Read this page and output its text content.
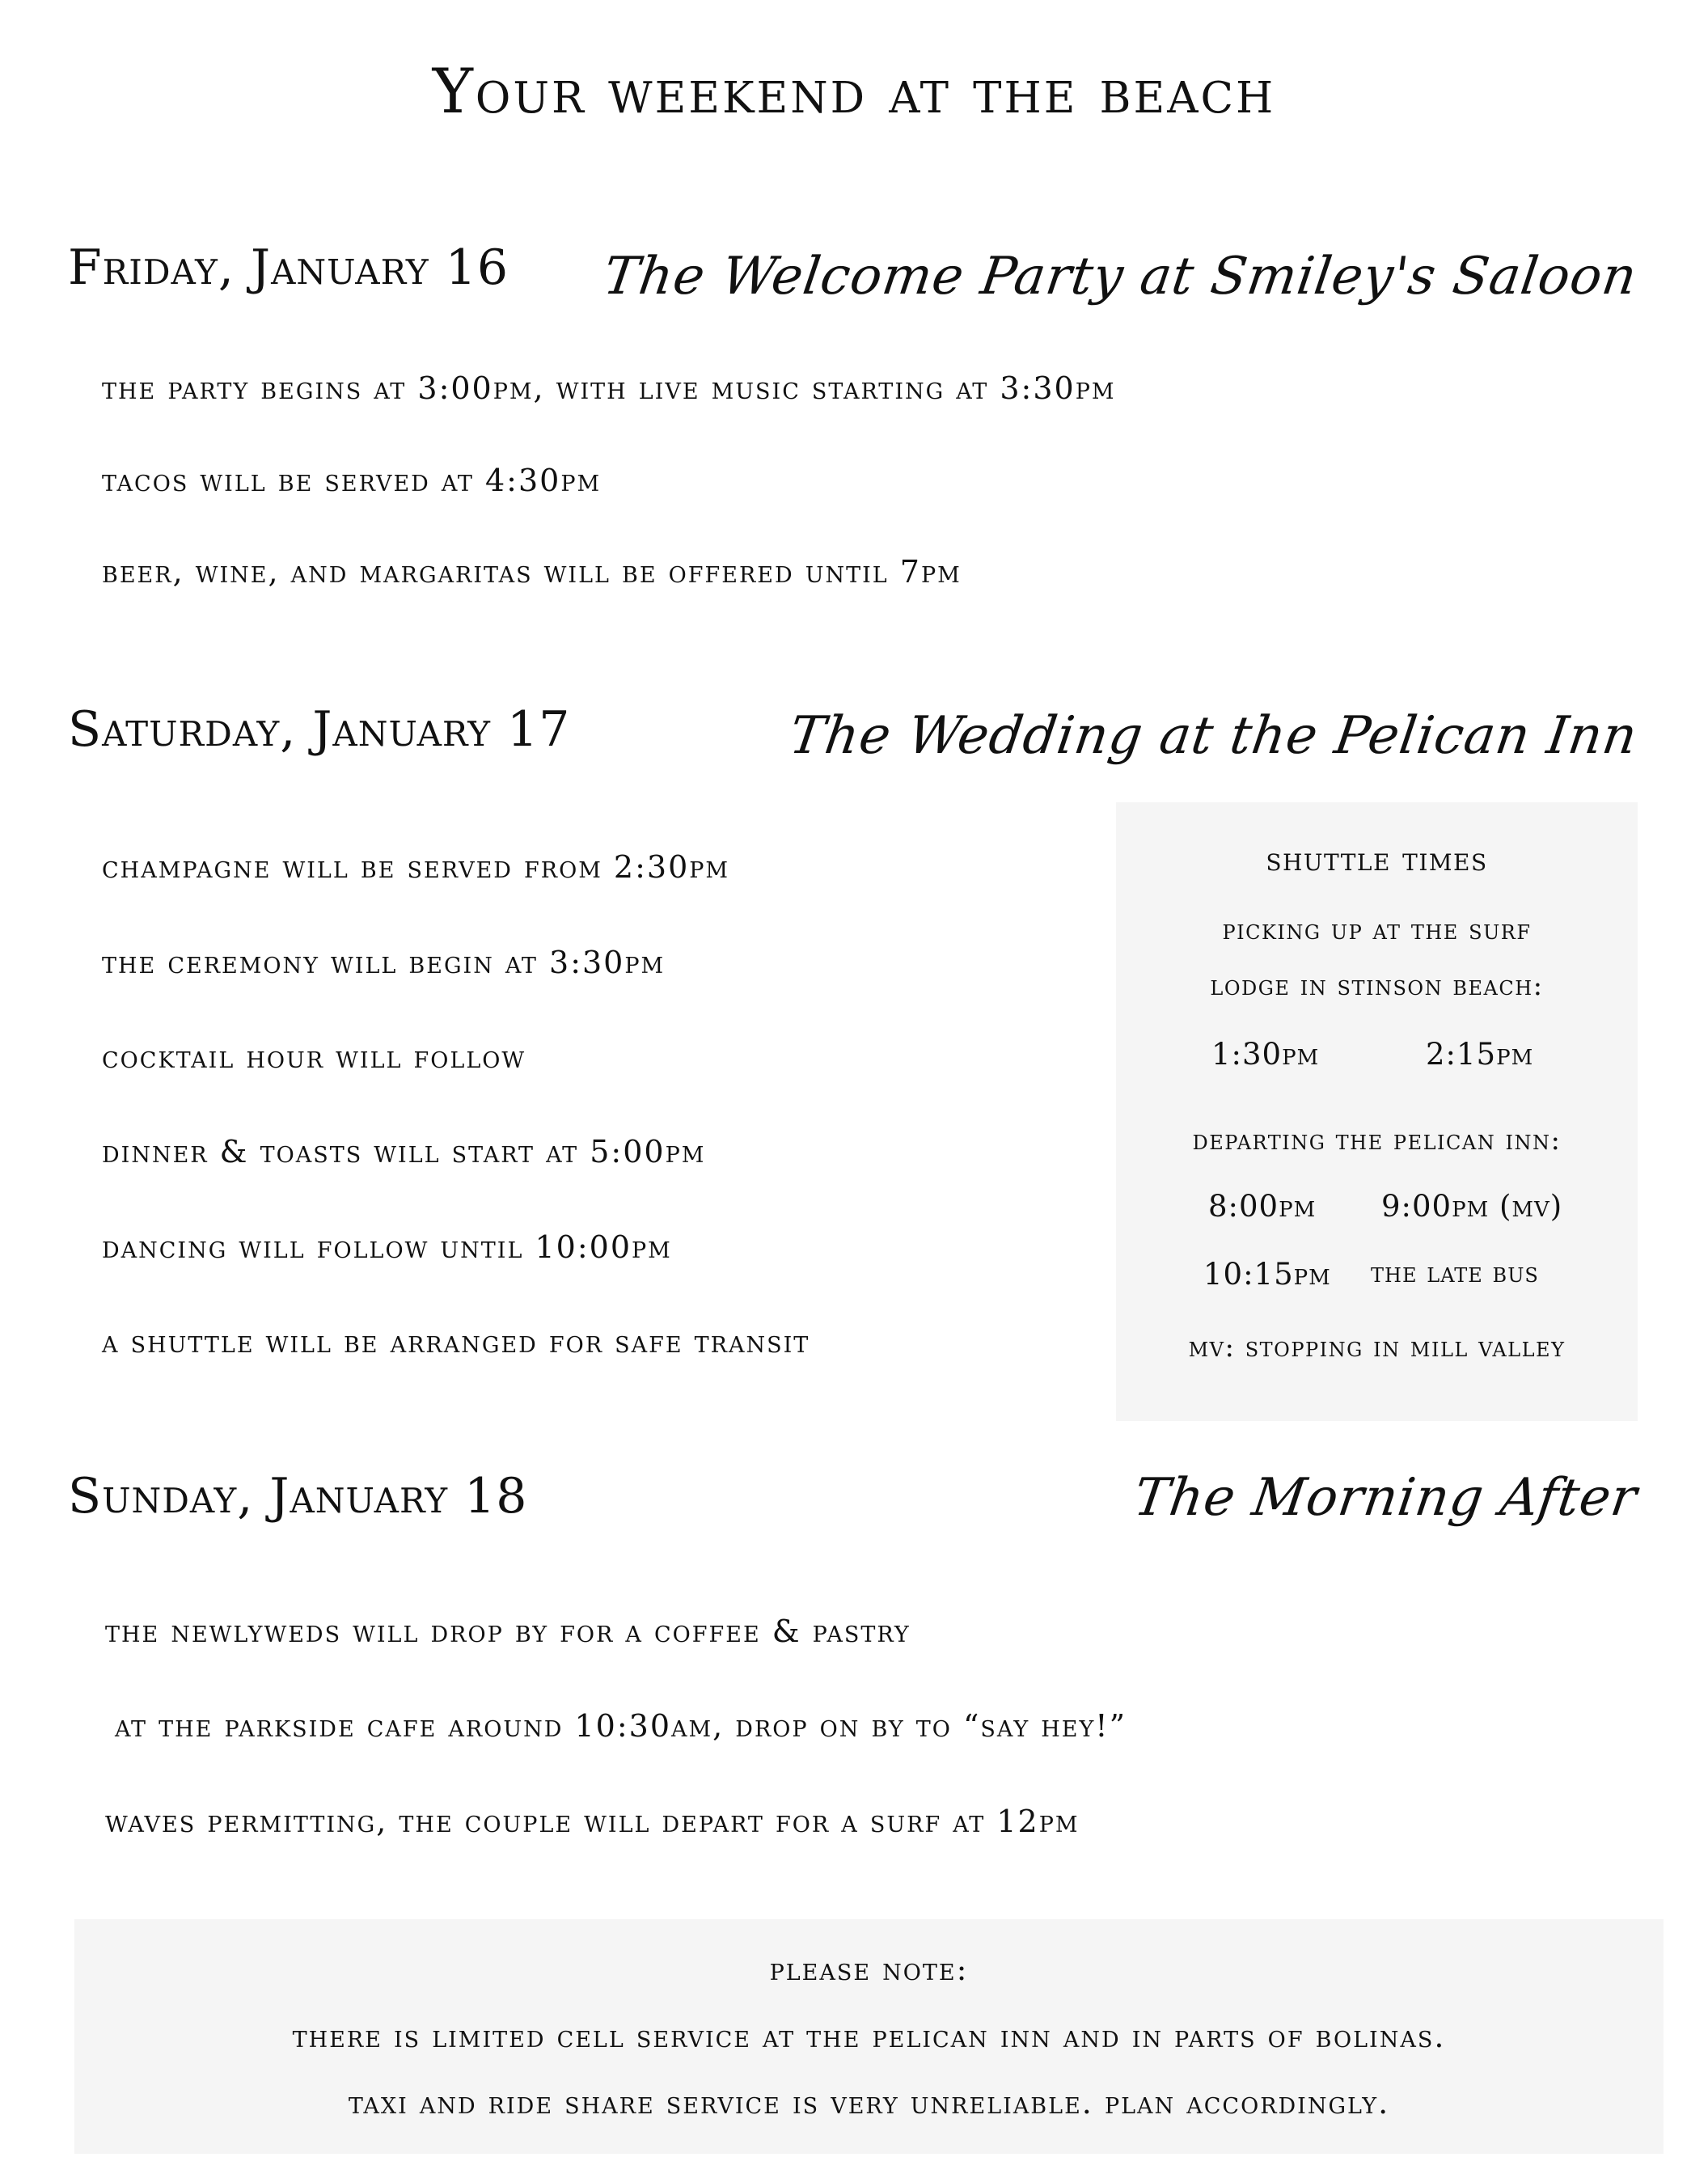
Your weekend at the beach
Friday, January 16 The Welcome Party at Smiley's Saloon
the party begins at 3:00pm, with live music starting at 3:30pm
tacos will be served at 4:30pm
beer, wine, and margaritas will be offered until 7pm
Saturday, January 17	The Wedding at the Pelican Inn
champagne will be served from 2:30pm
the ceremony will begin at 3:30pm
cocktail hour will follow
dinner & toasts will start at 5:00pm
dancing will follow until 10:00pm
a shuttle will be arranged for safe transit
shuttle times
picking up at the surf
lodge in stinson beach:
1:30pm	2:15pm
departing the pelican inn:
8:00pm 9:00pm (mv)
10:15pm the late bus
mv: stopping in mill valley
Sunday, January 18	The Morning After
the newlyweds will drop by for a coffee & pastry
at the parkside cafe around 10:30am, drop on by to “say hey!”
waves permitting, the couple will depart for a surf at 12pm
please note:
there is limited cell service at the pelican inn and in parts of bolinas.
taxi and ride share service is very unreliable. plan accordingly.
